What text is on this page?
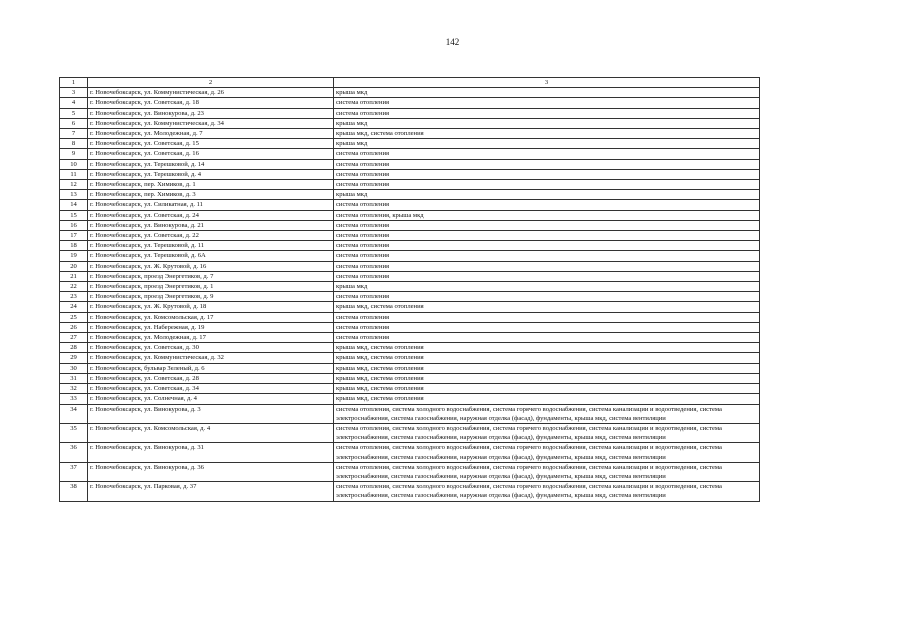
142
1	2	3
3	г. Новочебоксарск, ул. Коммунистическая, д. 26	крыша мкд
4	г. Новочебоксарск, ул. Советская, д. 18	система отопления
5	г. Новочебоксарск, ул. Винокурова, д. 23	система отопления
6	г. Новочебоксарск, ул. Коммунистическая, д. 34	крыша мкд
7	г. Новочебоксарск, ул. Молодежная, д. 7	крыша мкд, система отопления
8	г. Новочебоксарск, ул. Советская, д. 15	крыша мкд
9	г. Новочебоксарск, ул. Советская, д. 16	система отопления
10	г. Новочебоксарск, ул. Терешковой, д. 14	система отопления
11	г. Новочебоксарск, ул. Терешковой, д. 4	система отопления
12	г. Новочебоксарск, пер. Химиков, д. 1	система отопления
13	г. Новочебоксарск, пер. Химиков, д. 3	крыша мкд
14	г. Новочебоксарск, ул. Силикатная, д. 11	система отопления
15	г. Новочебоксарск, ул. Советская, д. 24	система отопления, крыша мкд
16	г. Новочебоксарск, ул. Винокурова, д. 21	система отопления
17	г. Новочебоксарск, ул. Советская, д. 22	система отопления
18	г. Новочебоксарск, ул. Терешковой, д. 11	система отопления
19	г. Новочебоксарск, ул. Терешковой, д. 6А	система отопления
20	г. Новочебоксарск, ул. Ж. Крутовой, д. 16	система отопления
21	г. Новочебоксарск, проезд Энергетиков, д. 7	система отопления
22	г. Новочебоксарск, проезд Энергетиков, д. 1	крыша мкд
23	г. Новочебоксарск, проезд Энергетиков, д. 9	система отопления
24	г. Новочебоксарск, ул. Ж. Крутовой, д. 18	крыша мкд, система отопления
25	г. Новочебоксарск, ул. Комсомольская, д. 17	система отопления
26	г. Новочебоксарск, ул. Набережная, д. 19	система отопления
27	г. Новочебоксарск, ул. Молодежная, д. 17	система отопления
28	г. Новочебоксарск, ул. Советская, д. 30	крыша мкд, система отопления
29	г. Новочебоксарск, ул. Коммунистическая, д. 32	крыша мкд, система отопления
30	г. Новочебоксарск, бульвар Зеленый, д. 6	крыша мкд, система отопления
31	г. Новочебоксарск, ул. Советская, д. 28	крыша мкд, система отопления
32	г. Новочебоксарск, ул. Советская, д. 34	крыша мкд, система отопления
33	г. Новочебоксарск, ул. Солнечная, д. 4	крыша мкд, система отопления
34	г. Новочебоксарск, ул. Винокурова, д. 3	система отопления, система холодного водоснабжения, система горячего водоснабжения, система канализации и водоотведения, система электроснабжения, система газоснабжения, наружная отделка (фасад), фундаменты, крыша мкд, система вентиляции
35	г. Новочебоксарск, ул. Комсомольская, д. 4	система отопления, система холодного водоснабжения, система горячего водоснабжения, система канализации и водоотведения, система электроснабжения, система газоснабжения, наружная отделка (фасад), фундаменты, крыша мкд, система вентиляции
36	г. Новочебоксарск, ул. Винокурова, д. 31	система отопления, система холодного водоснабжения, система горячего водоснабжения, система канализации и водоотведения, система электроснабжения, система газоснабжения, наружная отделка (фасад), фундаменты, крыша мкд, система вентиляции
37	г. Новочебоксарск, ул. Винокурова, д. 36	система отопления, система холодного водоснабжения, система горячего водоснабжения, система канализации и водоотведения, система электроснабжения, система газоснабжения, наружная отделка (фасад), фундаменты, крыша мкд, система вентиляции
38	г. Новочебоксарск, ул. Парковая, д. 37	система отопления, система холодного водоснабжения, система горячего водоснабжения, система канализации и водоотведения, система электроснабжения, система газоснабжения, наружная отделка (фасад), фундаменты, крыша мкд, система вентиляции
